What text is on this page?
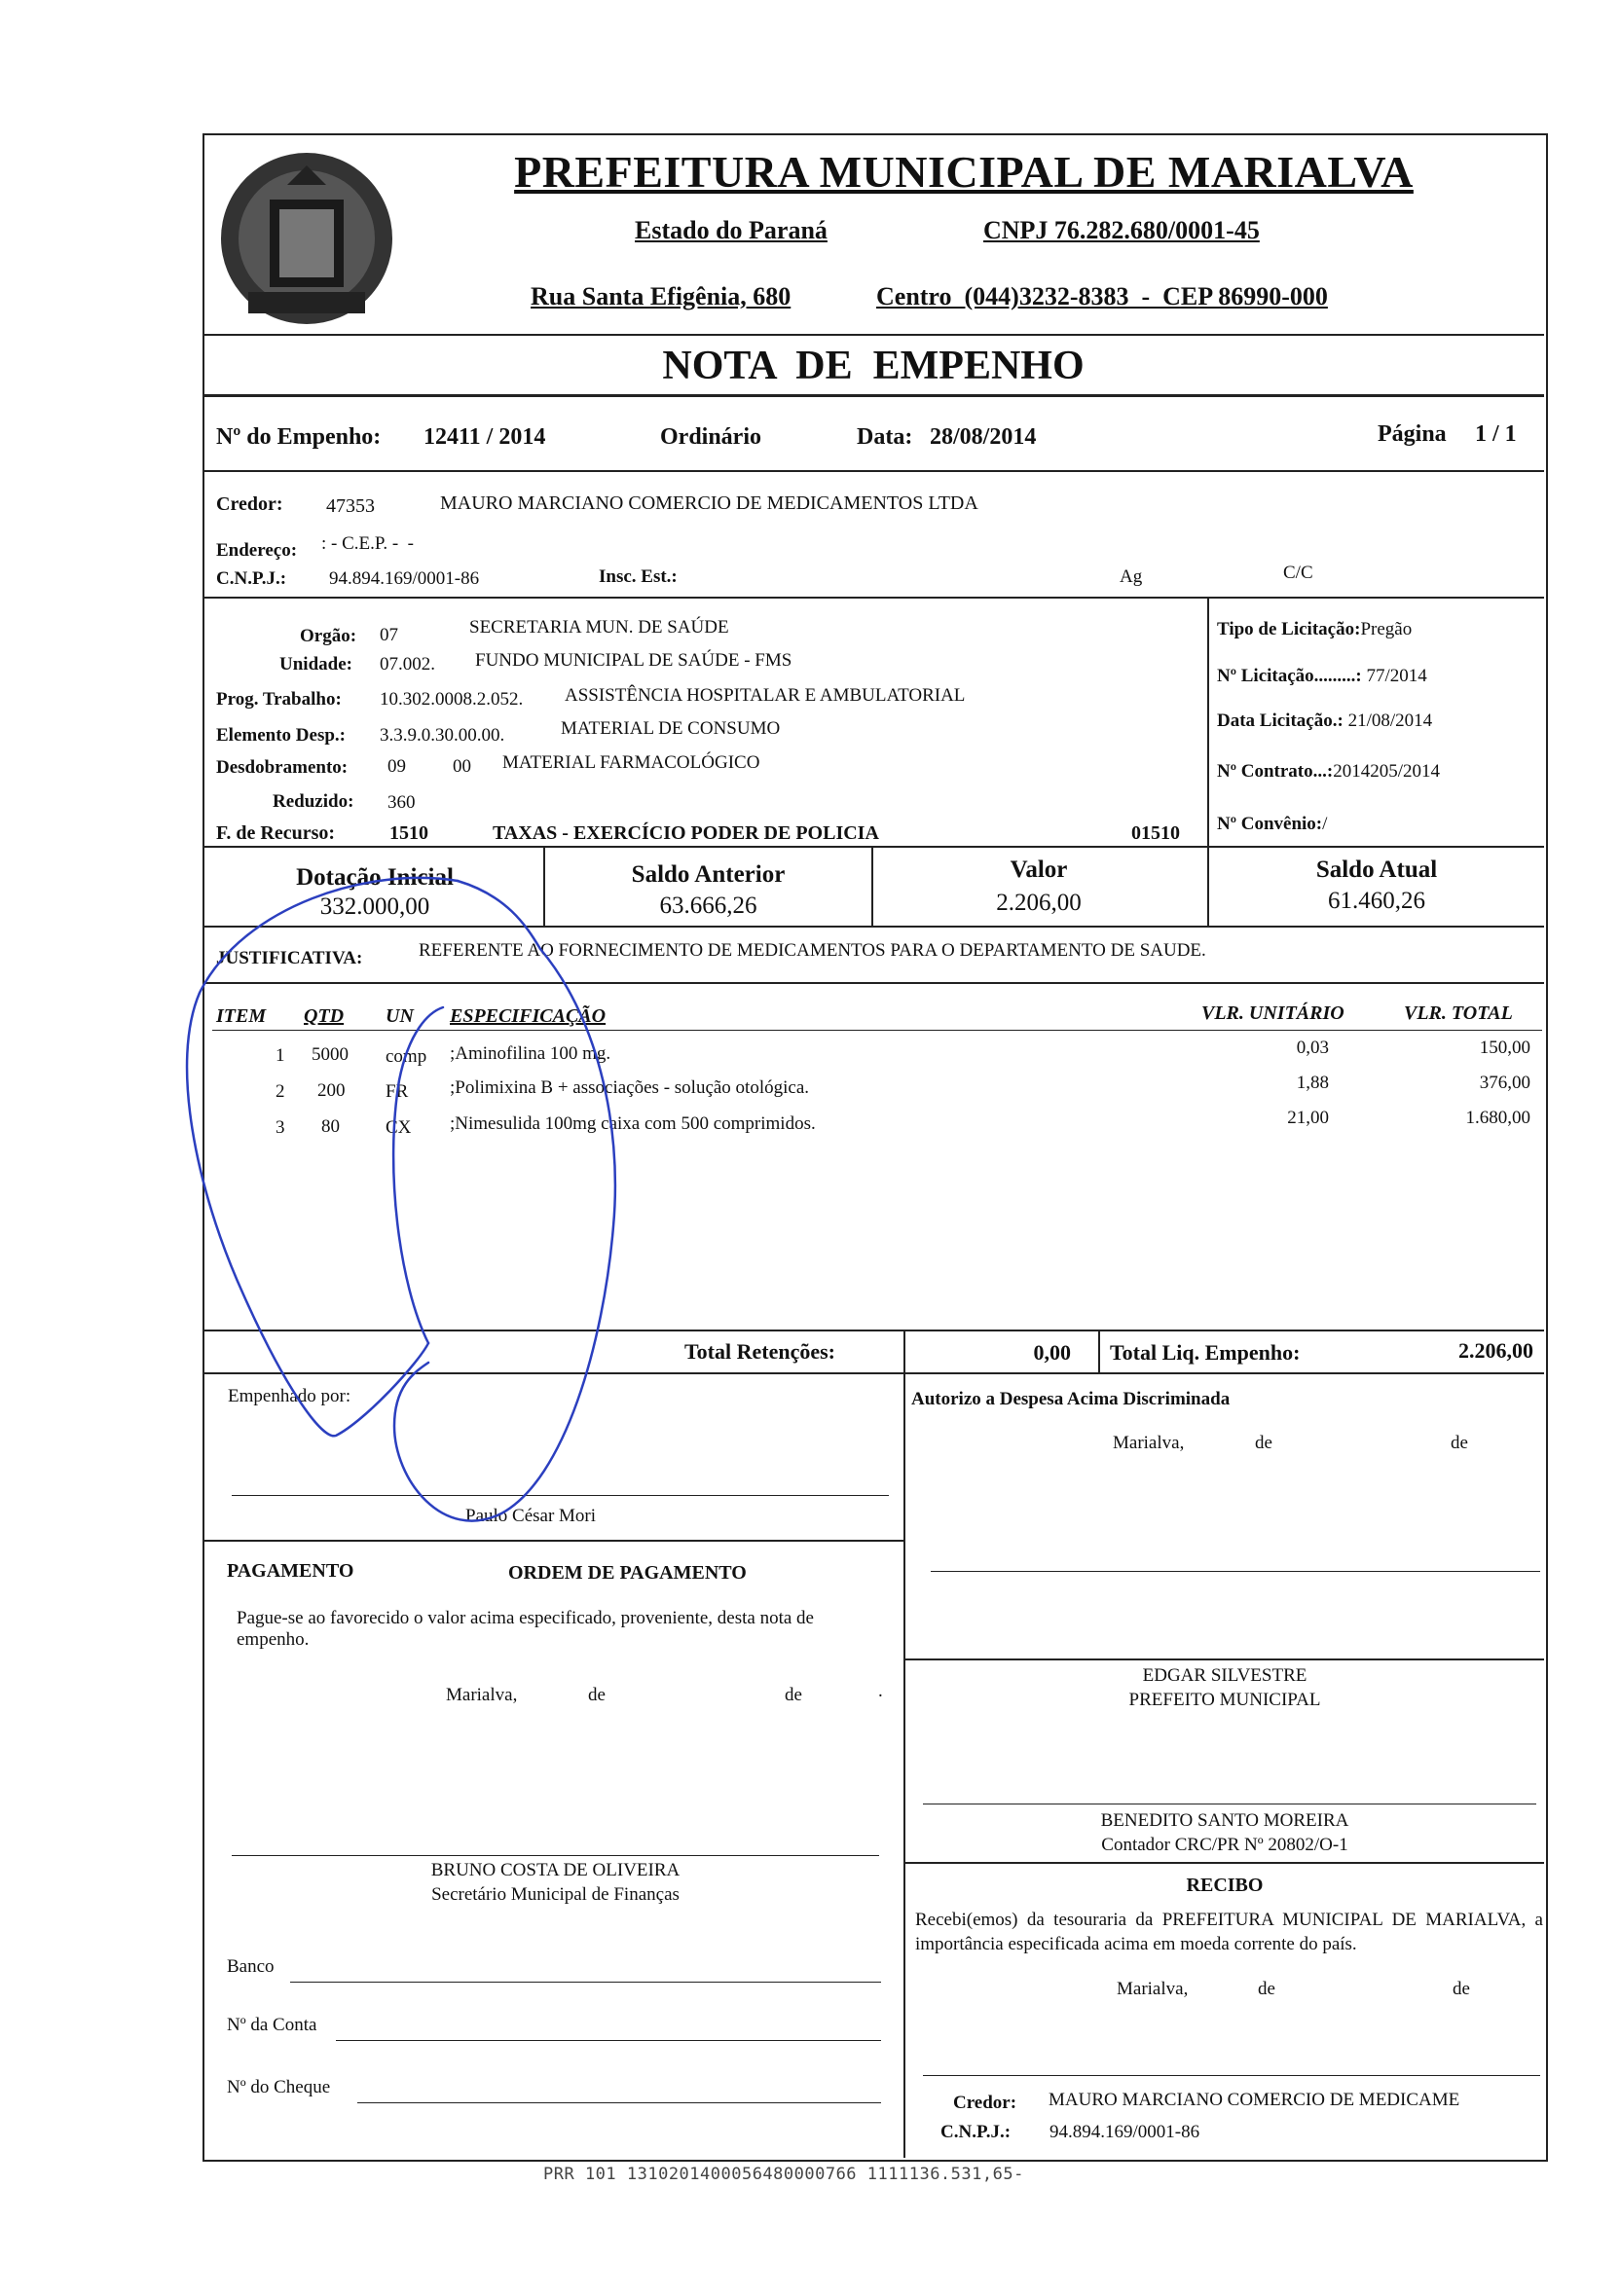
PREFEITURA MUNICIPAL DE MARIALVA
Estado do Paraná	CNPJ 76.282.680/0001-45
Rua Santa Efigênia, 680	Centro  (044)3232-8383  -  CEP 86990-000
NOTA  DE  EMPENHO
Nº do Empenho: 12411 / 2014	Ordinário	Data: 28/08/2014	Página 1 / 1
Credor: 47353	MAURO MARCIANO COMERCIO DE MEDICAMENTOS LTDA
Endereço: : - C.E.P. -  -
C.N.P.J.: 94.894.169/0001-86	Insc. Est.:	Ag	C/C
Orgão: 07	SECRETARIA MUN. DE SAÚDE
Unidade: 07.002. FUNDO MUNICIPAL DE SAÚDE - FMS
Prog. Trabalho: 10.302.0008.2.052. ASSISTÊNCIA HOSPITALAR E AMBULATORIAL
Elemento Desp.: 3.3.9.0.30.00.00.	MATERIAL DE CONSUMO
Desdobramento: 09	00 MATERIAL FARMACOLÓGICO
Reduzido: 360
F. de Recurso:	1510	TAXAS - EXERCÍCIO PODER DE POLICIA	01510
Tipo de Licitação:Pregão
Nº Licitação.........: 77/2014
Data Licitação.: 21/08/2014
Nº Contrato...:2014205/2014
Nº Convênio:/
Dotação Inicial
332.000,00
Saldo Anterior
63.666,26
Valor
2.206,00
Saldo Atual
61.460,26
JUSTIFICATIVA:	REFERENTE AO FORNECIMENTO DE MEDICAMENTOS PARA O DEPARTAMENTO DE SAUDE.
ITEM QTD UN ESPECIFICAÇÃO	VLR. UNITÁRIO	VLR. TOTAL
1 5000 comp ;Aminofilina 100 mg.	0,03	150,00
2 200 FR ;Polimixina B + associações - solução otológica.	1,88	376,00
3 80 CX ;Nimesulida 100mg caixa com 500 comprimidos.	21,00	1.680,00
Total Retenções:	0,00 Total Liq. Empenho:	2.206,00
Empenhado por:
Paulo César Mori
PAGAMENTO	ORDEM DE PAGAMENTO
Pague-se ao favorecido o valor acima especificado, proveniente, desta nota de empenho.
Marialva,	de	de	.
BRUNO COSTA DE OLIVEIRA
Secretário Municipal de Finanças
Banco
Nº da Conta
Nº do Cheque
Autorizo a Despesa Acima Discriminada
Marialva,	de	de
EDGAR SILVESTRE
PREFEITO MUNICIPAL
BENEDITO SANTO MOREIRA
Contador CRC/PR Nº 20802/O-1
RECIBO
Recebi(emos) da tesouraria da PREFEITURA MUNICIPAL DE MARIALVA, a importância especificada acima em moeda corrente do país.
Marialva,	de	de
Credor: MAURO MARCIANO COMERCIO DE MEDICAME
C.N.P.J.: 94.894.169/0001-86
PRR 101 1310201400056480000766 1111136.531,65-
